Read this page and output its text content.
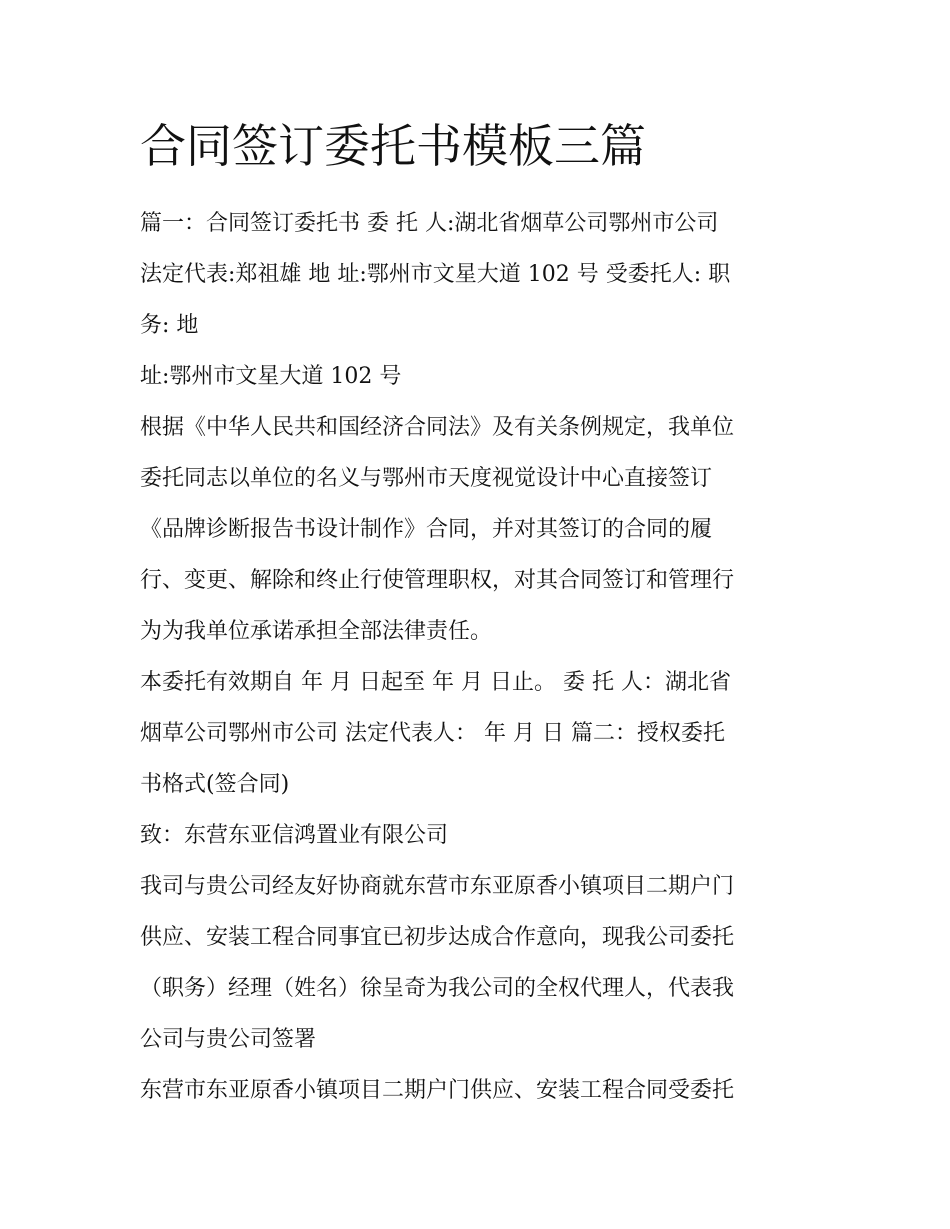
合同签订委托书模板三篇
篇一：合同签订委托书 委 托 人:湖北省烟草公司鄂州市公司
法定代表:郑祖雄 地 址:鄂州市文星大道 102 号 受委托人: 职
务: 地
址:鄂州市文星大道 102 号
根据《中华人民共和国经济合同法》及有关条例规定，我单位
委托同志以单位的名义与鄂州市天度视觉设计中心直接签订
《品牌诊断报告书设计制作》合同，并对其签订的合同的履
行、变更、解除和终止行使管理职权，对其合同签订和管理行
为为我单位承诺承担全部法律责任。
本委托有效期自 年 月 日起至 年 月 日止。 委 托 人：湖北省
烟草公司鄂州市公司 法定代表人： 年 月 日 篇二：授权委托
书格式(签合同)
致：东营东亚信鸿置业有限公司
我司与贵公司经友好协商就东营市东亚原香小镇项目二期户门
供应、安装工程合同事宜已初步达成合作意向，现我公司委托
（职务）经理（姓名）徐呈奇为我公司的全权代理人，代表我
公司与贵公司签署
东营市东亚原香小镇项目二期户门供应、安装工程合同受委托
